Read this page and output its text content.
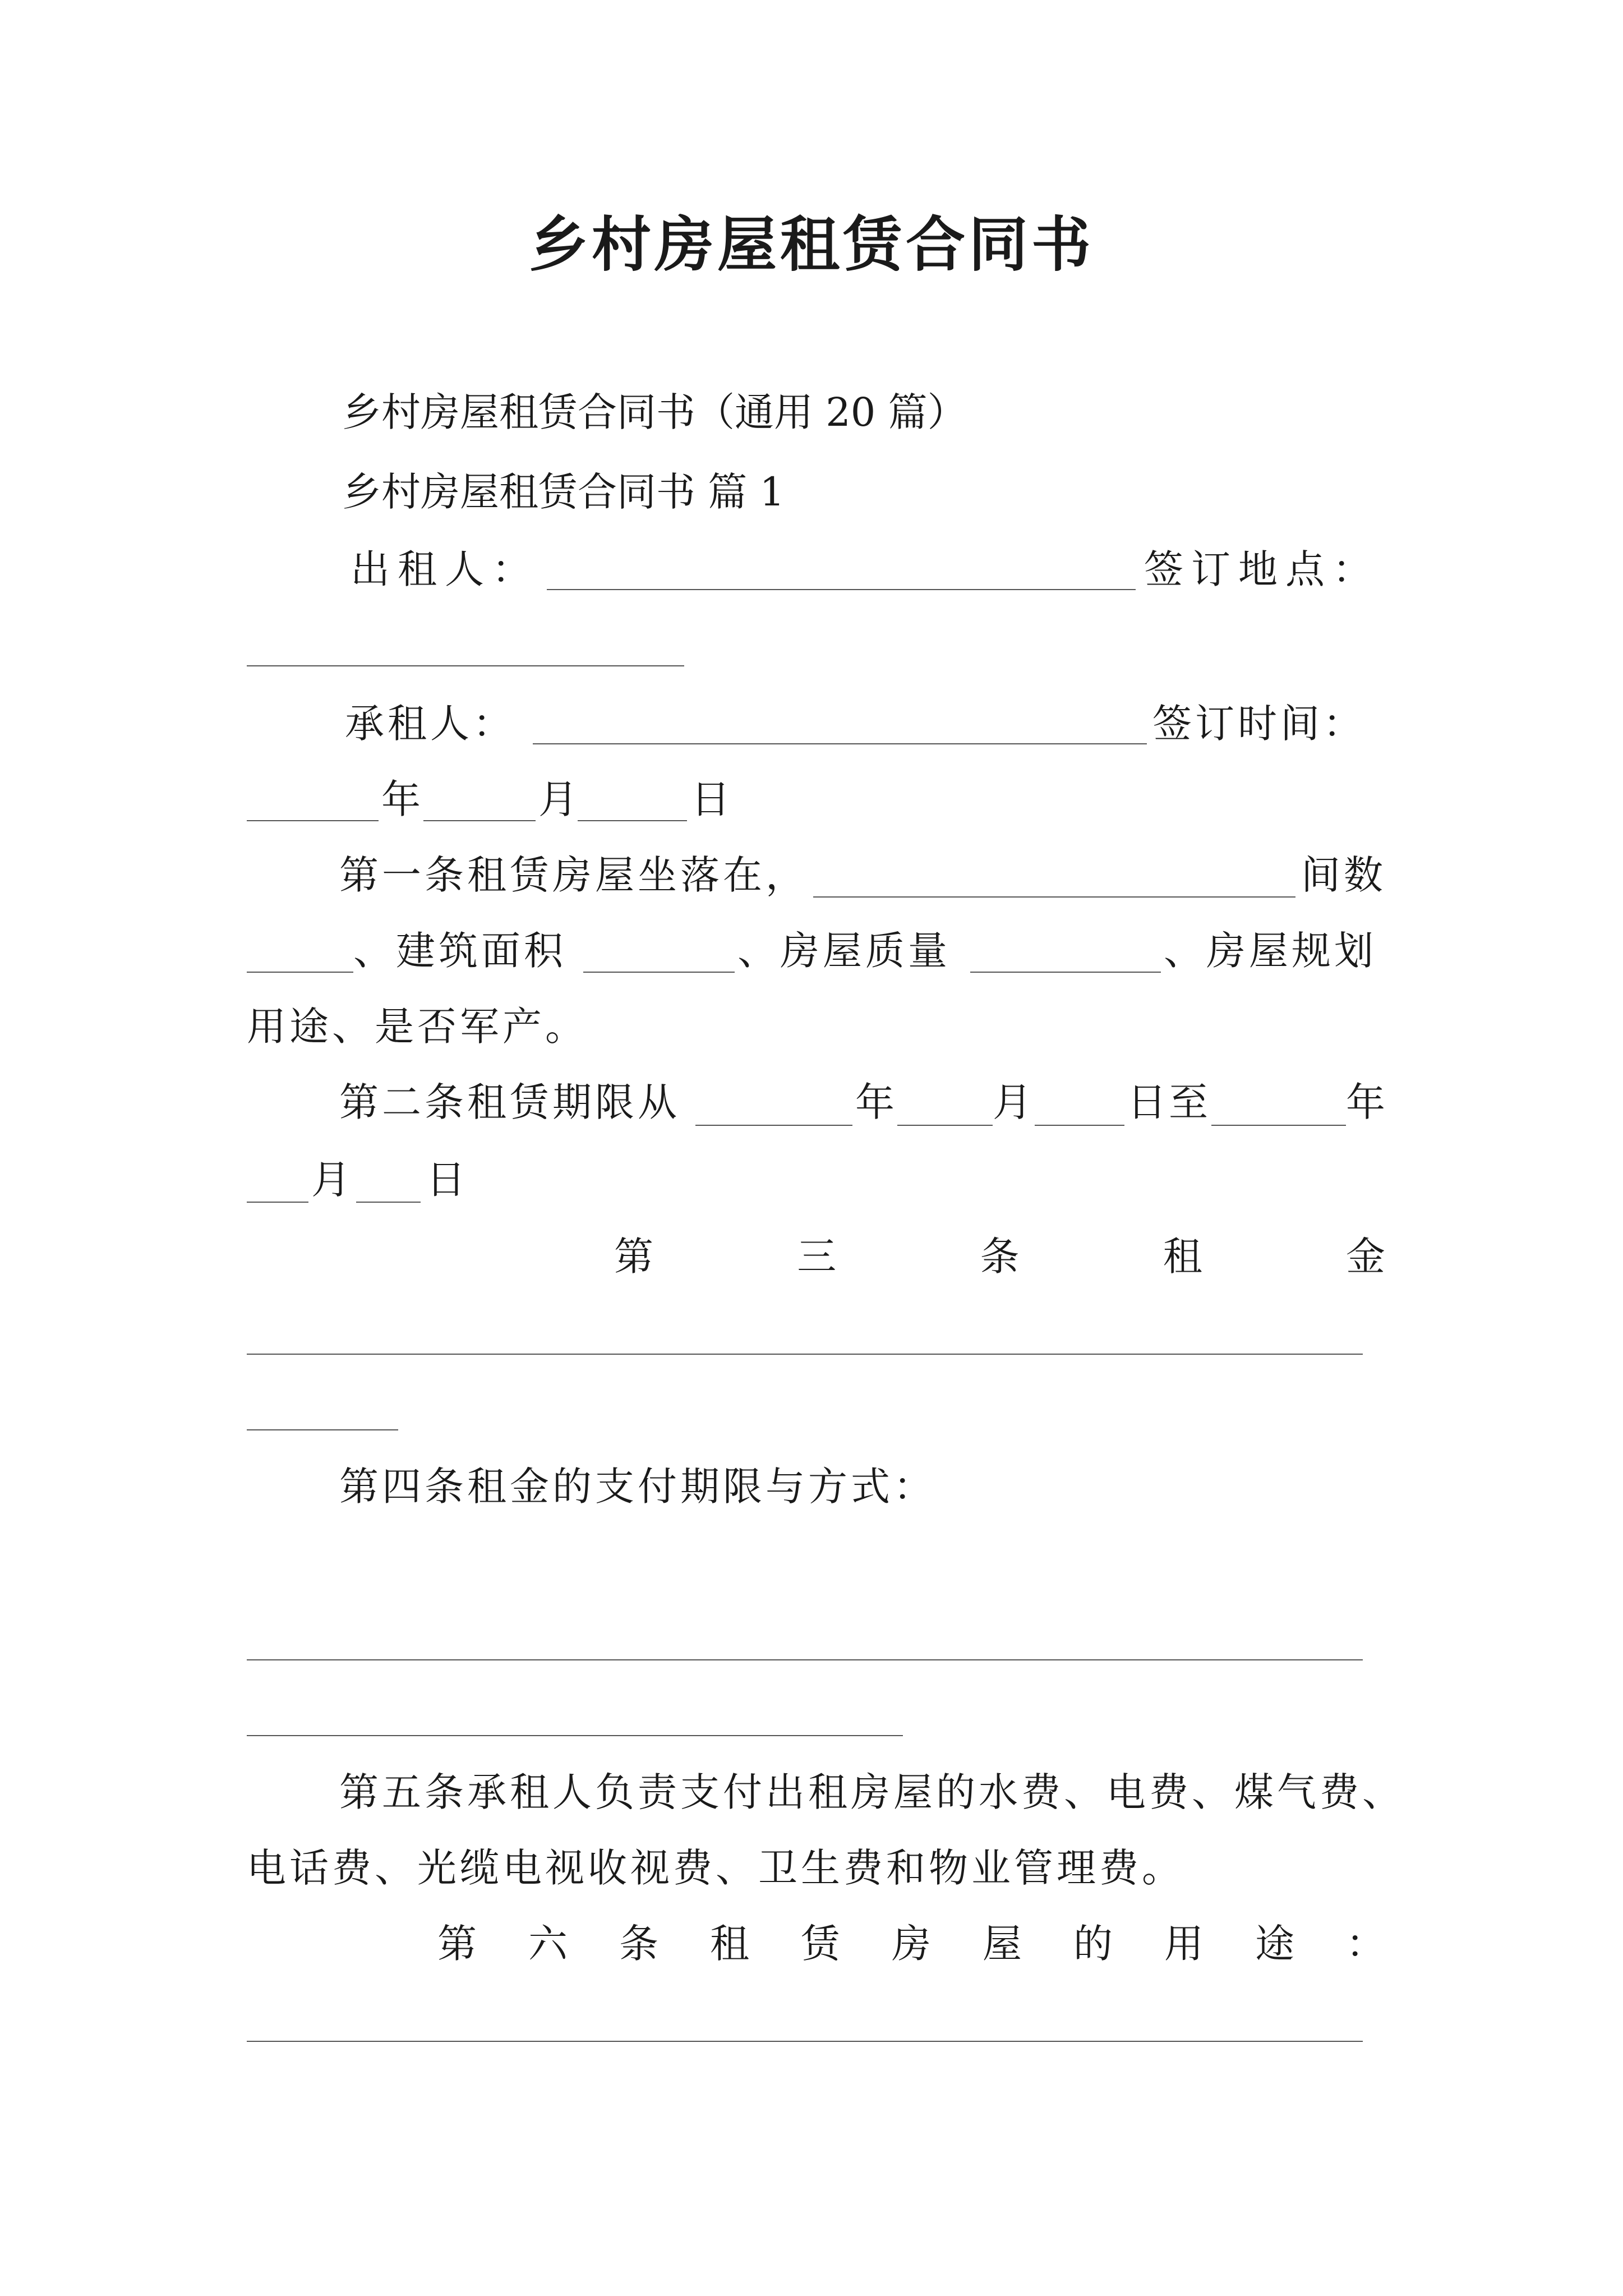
乡村房屋租赁合同书
乡村房屋租赁合同书（通用 20 篇）
乡村房屋租赁合同书 篇 1
出租人：	签订地点：
承租人：	签订时间：
年	月	日
第一条租赁房屋坐落在，	间数
、建筑面积	、房屋质量	、房屋规划
用途、是否军产。
第二条租赁期限从	年	月 日至	年
月 日
第	三	条	租	金
第四条租金的支付期限与方式：
第五条承租人负责支付出租房屋的水费、电费、煤气费、
电话费、光缆电视收视费、卫生费和物业管理费。
第 六 条 租 赁 房 屋 的 用 途 ：
